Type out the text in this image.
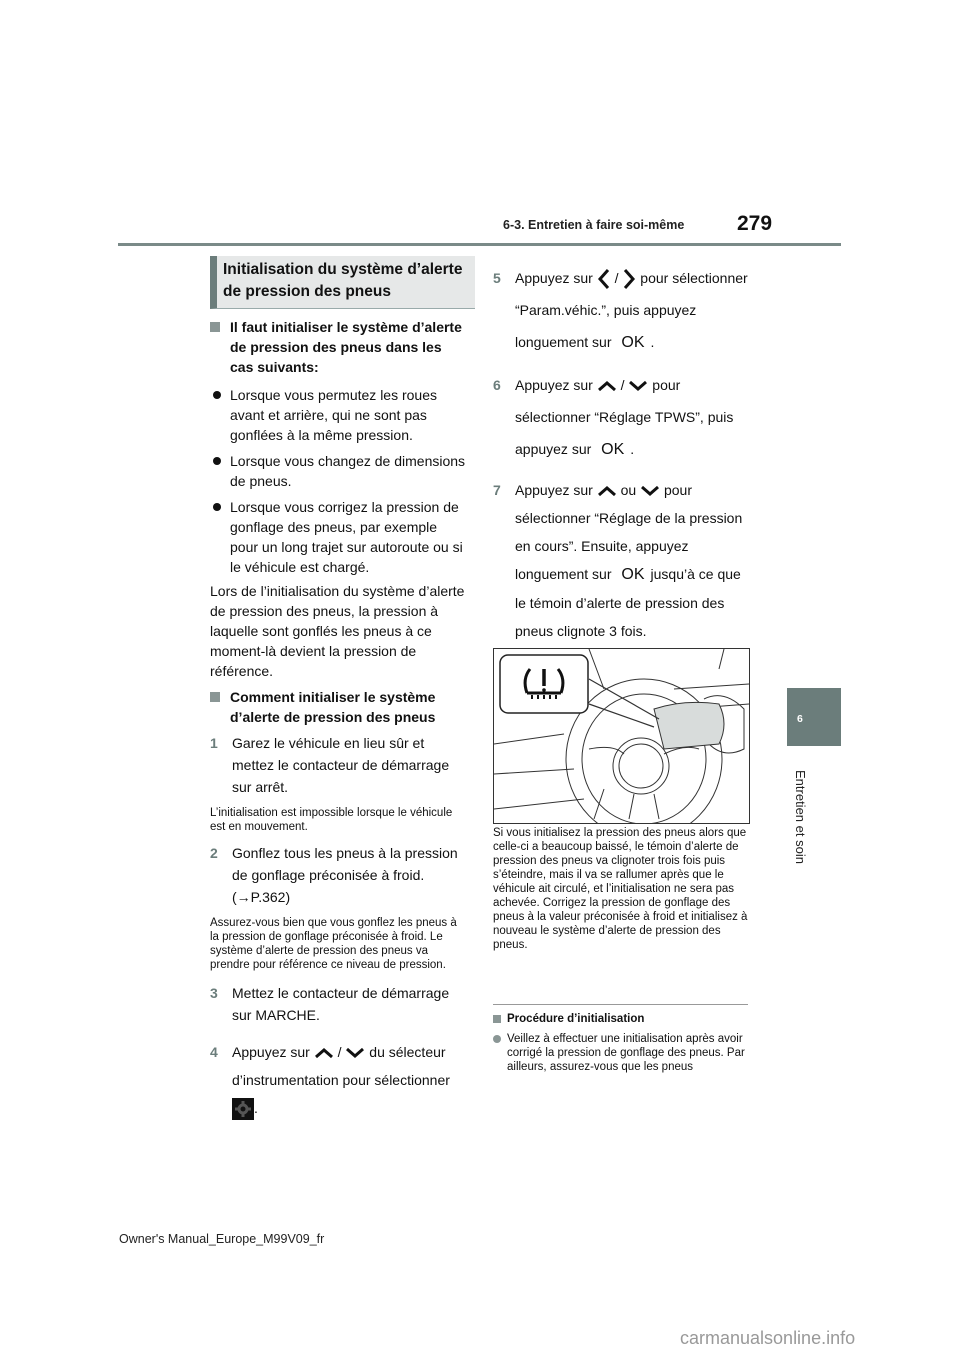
6-3. Entretien à faire soi-même	279
6
Entretien et soin
Initialisation du système d’alerte de pression des pneus
Il faut initialiser le système d’alerte de pression des pneus dans les cas suivants:
Lorsque vous permutez les roues avant et arrière, qui ne sont pas gonflées à la même pression.
Lorsque vous changez de dimensions de pneus.
Lorsque vous corrigez la pression de gonflage des pneus, par exemple pour un long trajet sur autoroute ou si le véhicule est chargé.
Lors de l’initialisation du système d’alerte de pression des pneus, la pression à laquelle sont gonflés les pneus à ce moment-là devient la pression de référence.
Comment initialiser le système d’alerte de pression des pneus
1 Garez le véhicule en lieu sûr et mettez le contacteur de démarrage sur arrêt.
L’initialisation est impossible lorsque le véhicule est en mouvement.
2 Gonflez tous les pneus à la pression de gonflage préconisée à froid.
(→P.362)
Assurez-vous bien que vous gonflez les pneus à la pression de gonflage préconisée à froid. Le système d’alerte de pression des pneus va prendre pour référence ce niveau de pression.
3 Mettez le contacteur de démarrage sur MARCHE.
4 Appuyez sur / du sélecteur d’instrumentation pour sélectionner
.
5 Appuyez sur / pour sélectionner “Param.véhic.”, puis appuyez longuement sur OK .
6 Appuyez sur / pour sélectionner “Réglage TPWS”, puis appuyez sur OK .
7 Appuyez sur ou pour sélectionner “Réglage de la pression en cours”. Ensuite, appuyez longuement sur OK jusqu’à ce que le témoin d’alerte de pression des pneus clignote 3 fois.
Si vous initialisez la pression des pneus alors que celle-ci a beaucoup baissé, le témoin d’alerte de pression des pneus va clignoter trois fois puis s’éteindre, mais il va se rallumer après que le véhicule ait circulé, et l’initialisation ne sera pas achevée. Corrigez la pression de gonflage des pneus à la valeur préconisée à froid et initialisez à nouveau le système d’alerte de pression des pneus.
Procédure d’initialisation
Veillez à effectuer une initialisation après avoir corrigé la pression de gonflage des pneus. Par ailleurs, assurez-vous que les pneus
Owner's Manual_Europe_M99V09_fr
carmanualsonline.info
